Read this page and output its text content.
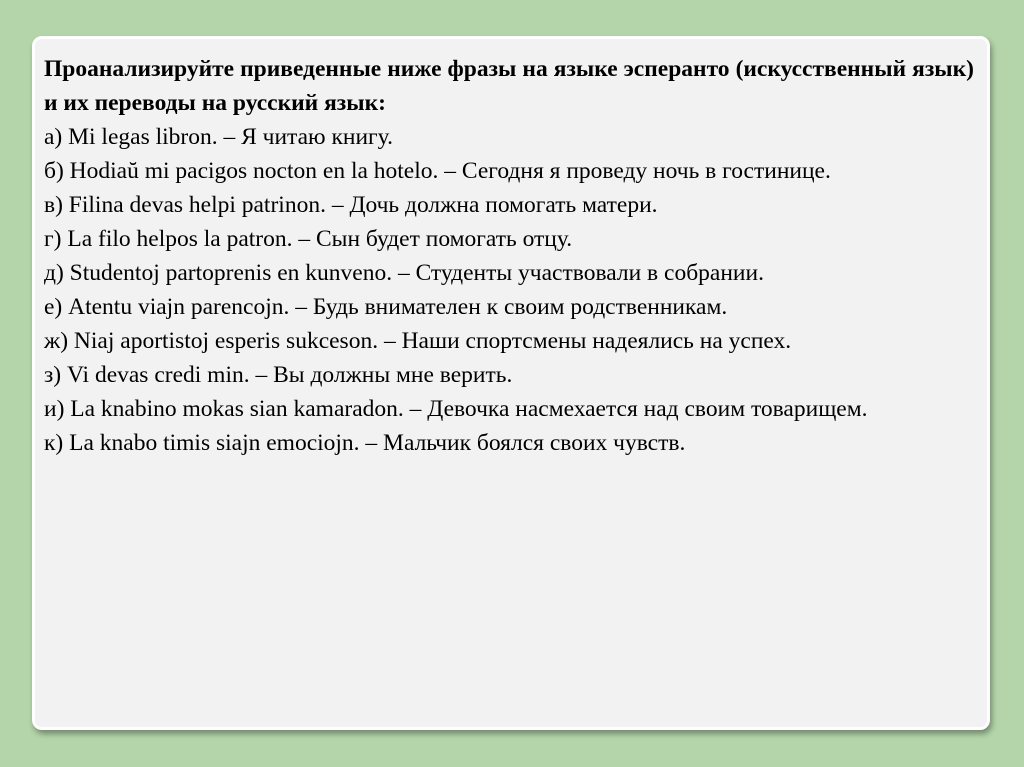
Проанализируйте приведенные ниже фразы на языке эсперанто (искусственный язык) и их переводы на русский язык:

а) Mi legas libron. – Я читаю книгу.

б) Hodiaŭ mi pacigos nocton en la hotelo. – Сегодня я проведу ночь в гостинице.

в) Filina devas helpi patrinon. – Дочь должна помогать матери.

г) La filo helpos la patron. – Сын будет помогать отцу.

д) Studentoj partoprenis en kunveno. – Студенты участвовали в собрании.

е) Atentu viajn parencojn. – Будь внимателен к своим родственникам.

ж) Niaj aportistoj esperis sukceson. – Наши спортсмены надеялись на успех.

з) Vi devas credi min. – Вы должны мне верить.

и) La knabino mokas sian kamaradon. – Девочка насмехается над своим товарищем.

к) La knabo timis siajn emociojn. – Мальчик боялся своих чувств.
